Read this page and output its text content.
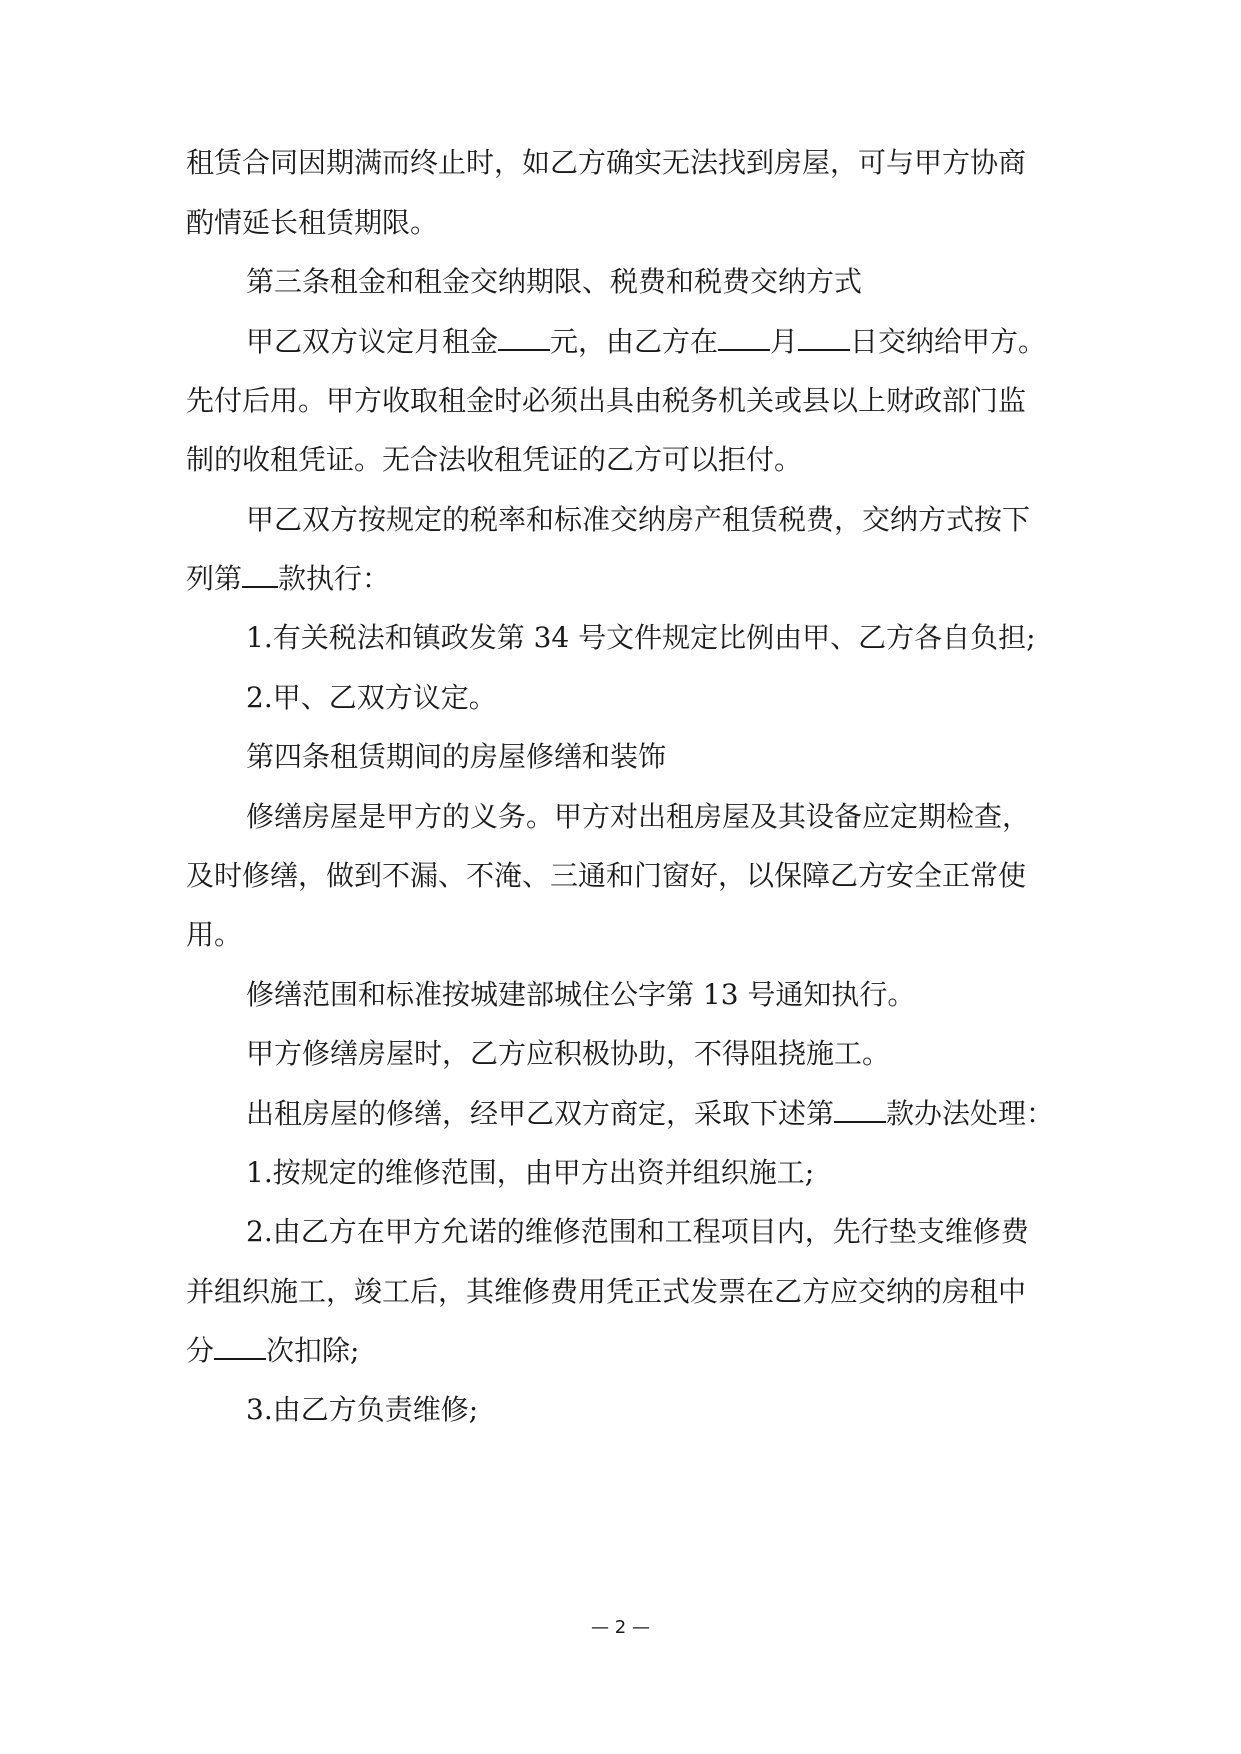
租赁合同因期满而终止时，如乙方确实无法找到房屋，可与甲方协商
酌情延长租赁期限。
第三条租金和租金交纳期限、税费和税费交纳方式
甲乙双方议定月租金 元，由乙方在 月 日交纳给甲方。
先付后用。甲方收取租金时必须出具由税务机关或县以上财政部门监
制的收租凭证。无合法收租凭证的乙方可以拒付。
甲乙双方按规定的税率和标准交纳房产租赁税费，交纳方式按下
列第 款执行：
1.有关税法和镇政发第 34 号文件规定比例由甲、乙方各自负担;
2.甲、乙双方议定。
第四条租赁期间的房屋修缮和装饰
修缮房屋是甲方的义务。甲方对出租房屋及其设备应定期检查，
及时修缮，做到不漏、不淹、三通和门窗好，以保障乙方安全正常使
用。
修缮范围和标准按城建部城住公字第 13 号通知执行。
甲方修缮房屋时，乙方应积极协助，不得阻挠施工。
出租房屋的修缮，经甲乙双方商定，采取下述第 款办法处理：
1.按规定的维修范围，由甲方出资并组织施工;
2.由乙方在甲方允诺的维修范围和工程项目内，先行垫支维修费
并组织施工，竣工后，其维修费用凭正式发票在乙方应交纳的房租中
分 次扣除;
3.由乙方负责维修;
— 2 —
